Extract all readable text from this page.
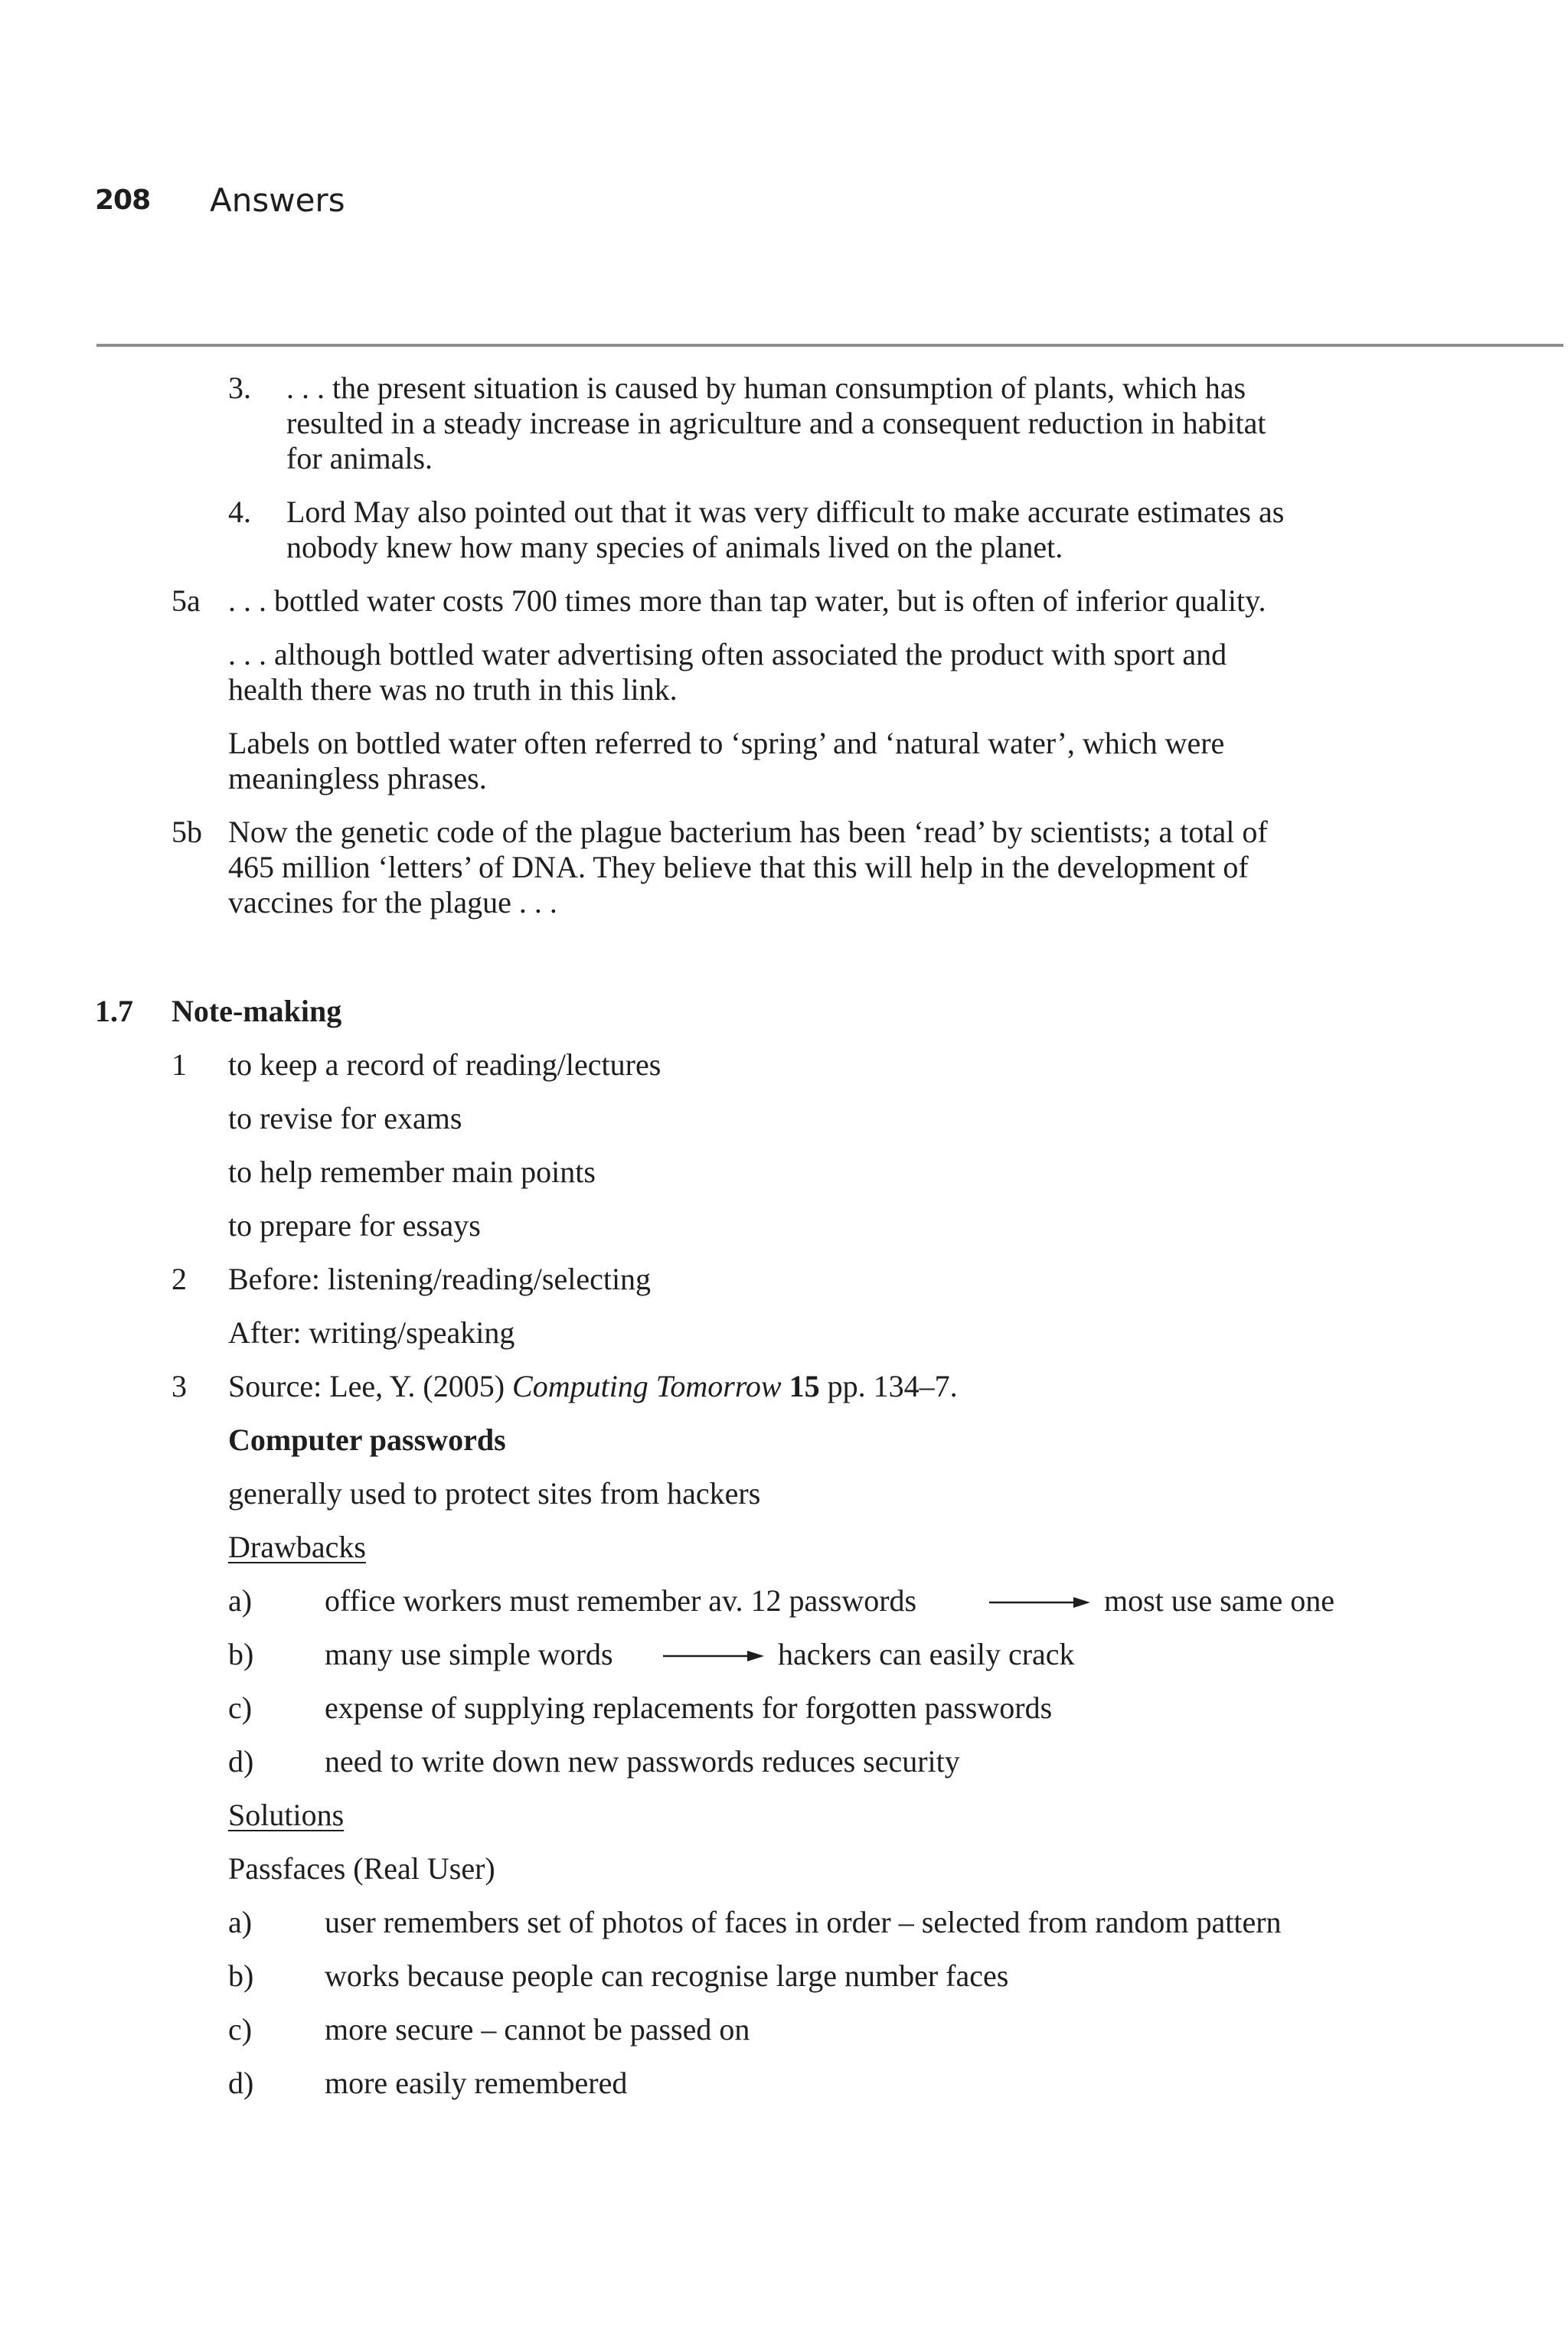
208 Answers
3. . . . the present situation is caused by human consumption of plants, which has
resulted in a steady increase in agriculture and a consequent reduction in habitat
for animals.
4. Lord May also pointed out that it was very difficult to make accurate estimates as
nobody knew how many species of animals lived on the planet.
5a . . . bottled water costs 700 times more than tap water, but is often of inferior quality.
. . . although bottled water advertising often associated the product with sport and
health there was no truth in this link.
Labels on bottled water often referred to ‘spring’ and ‘natural water’, which were
meaningless phrases.
5b Now the genetic code of the plague bacterium has been ‘read’ by scientists; a total of
465 million ‘letters’ of DNA. They believe that this will help in the development of
vaccines for the plague . . .
1.7 Note-making
1 to keep a record of reading/lectures
to revise for exams
to help remember main points
to prepare for essays
2 Before: listening/reading/selecting
After: writing/speaking
3 Source: Lee, Y. (2005) Computing Tomorrow 15 pp. 134–7.
Computer passwords
generally used to protect sites from hackers
Drawbacks
a) office workers must remember av. 12 passwords	most use same one
b) many use simple words	hackers can easily crack
c) expense of supplying replacements for forgotten passwords
d) need to write down new passwords reduces security
Solutions
Passfaces (Real User)
a) user remembers set of photos of faces in order – selected from random pattern
b) works because people can recognise large number faces
c) more secure – cannot be passed on
d) more easily remembered
